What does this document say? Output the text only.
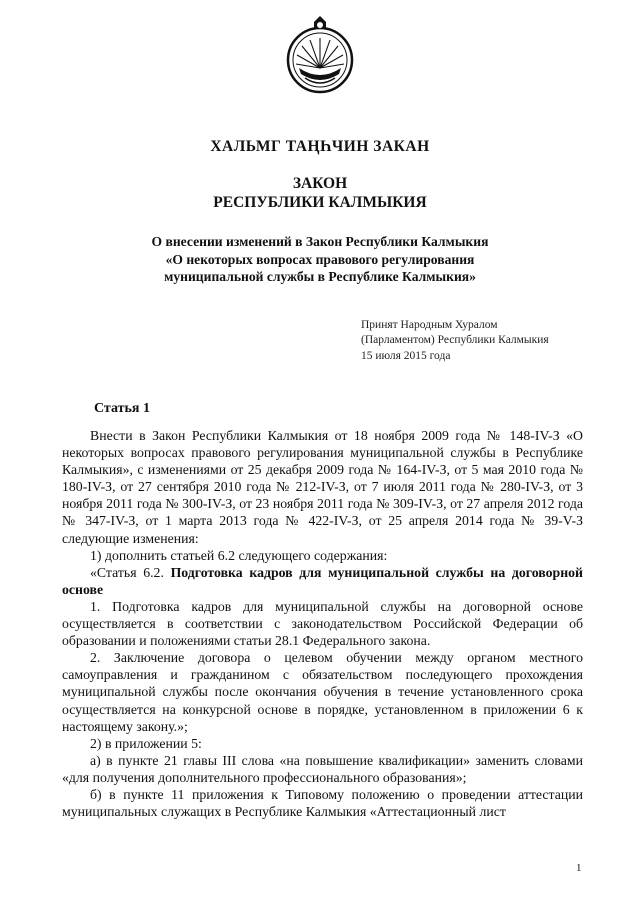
ХАЛЬМГ ТАҢҺЧИН ЗАКАН
ЗАКОН
РЕСПУБЛИКИ КАЛМЫКИЯ
О внесении изменений в Закон Республики Калмыкия
«О некоторых вопросах правового регулирования
муниципальной службы в Республике Калмыкия»
Принят Народным Хуралом
(Парламентом) Республики Калмыкия
15 июля 2015 года
Статья 1

Внести в Закон Республики Калмыкия от 18 ноября 2009 года № 148-IV-З «О некоторых вопросах правового регулирования муниципальной службы в Республике Калмыкия», с изменениями от 25 декабря 2009 года № 164-IV-З, от 5 мая 2010 года № 180-IV-З, от 27 сентября 2010 года № 212-IV-З, от 7 июля 2011 года № 280-IV-З, от 3 ноября 2011 года № 300-IV-З, от 23 ноября 2011 года № 309-IV-З, от 27 апреля 2012 года № 347-IV-З, от 1 марта 2013 года № 422-IV-З, от 25 апреля 2014 года № 39-V-З следующие изменения:

1) дополнить статьей 6.2 следующего содержания:

«Статья 6.2. Подготовка кадров для муниципальной службы на договорной основе

1. Подготовка кадров для муниципальной службы на договорной основе осуществляется в соответствии с законодательством Российской Федерации об образовании и положениями статьи 28.1 Федерального закона.

2. Заключение договора о целевом обучении между органом местного самоуправления и гражданином с обязательством последующего прохождения муниципальной службы после окончания обучения в течение установленного срока осуществляется на конкурсной основе в порядке, установленном в приложении 6 к настоящему закону.»;

2) в приложении 5:

а) в пункте 21 главы III слова «на повышение квалификации» заменить словами «для получения дополнительного профессионального образования»;

б) в пункте 11 приложения к Типовому положению о проведении аттестации муниципальных служащих в Республике Калмыкия «Аттестационный лист

1
